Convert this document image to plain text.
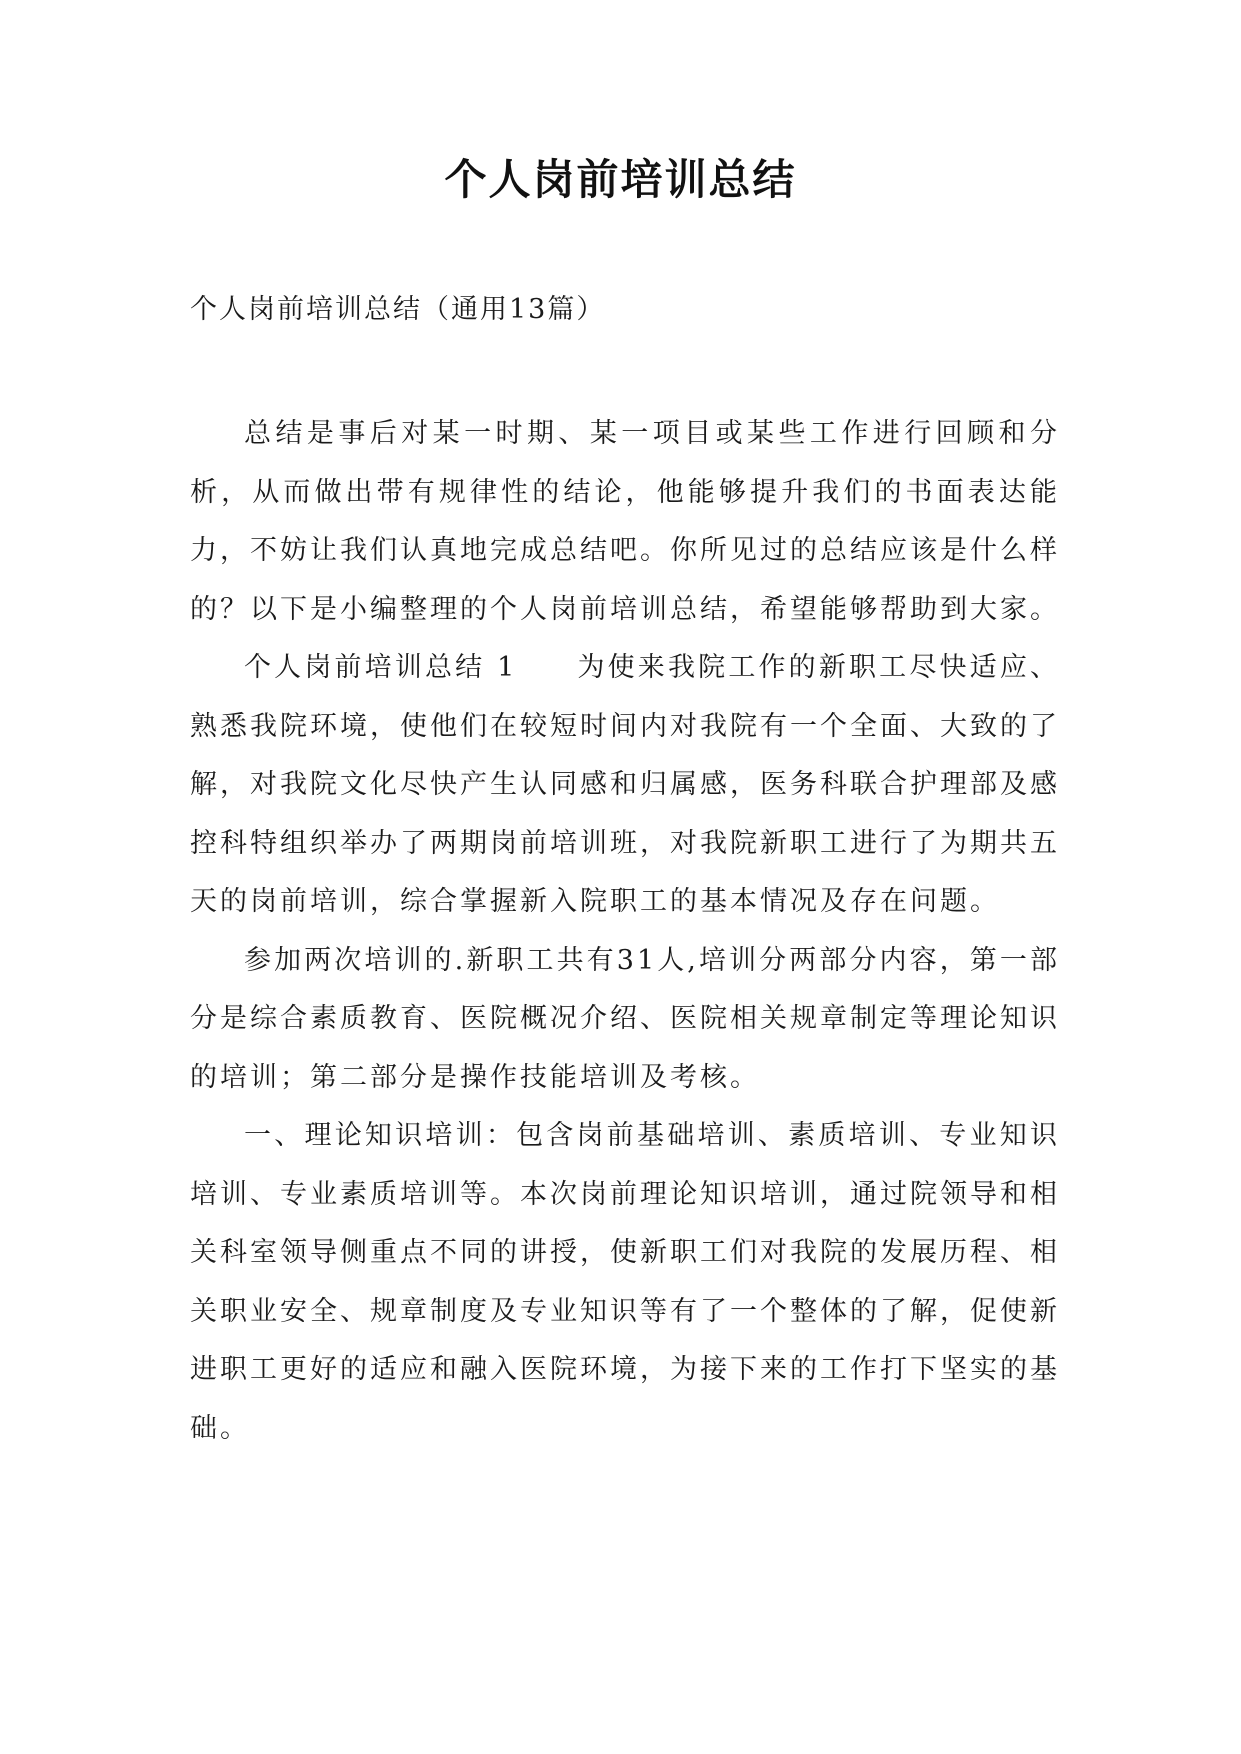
个人岗前培训总结
个人岗前培训总结（通用13篇）

总结是事后对某一时期、某一项目或某些工作进行回顾和分析，从而做出带有规律性的结论，他能够提升我们的书面表达能力，不妨让我们认真地完成总结吧。你所见过的总结应该是什么样的？以下是小编整理的个人岗前培训总结，希望能够帮助到大家。

个人岗前培训总结 1 为使来我院工作的新职工尽快适应、熟悉我院环境，使他们在较短时间内对我院有一个全面、大致的了解，对我院文化尽快产生认同感和归属感，医务科联合护理部及感控科特组织举办了两期岗前培训班，对我院新职工进行了为期共五天的岗前培训，综合掌握新入院职工的基本情况及存在问题。

参加两次培训的.新职工共有31人,培训分两部分内容，第一部分是综合素质教育、医院概况介绍、医院相关规章制定等理论知识的培训；第二部分是操作技能培训及考核。

一、理论知识培训：包含岗前基础培训、素质培训、专业知识培训、专业素质培训等。本次岗前理论知识培训，通过院领导和相关科室领导侧重点不同的讲授，使新职工们对我院的发展历程、相关职业安全、规章制度及专业知识等有了一个整体的了解，促使新进职工更好的适应和融入医院环境，为接下来的工作打下坚实的基础。
